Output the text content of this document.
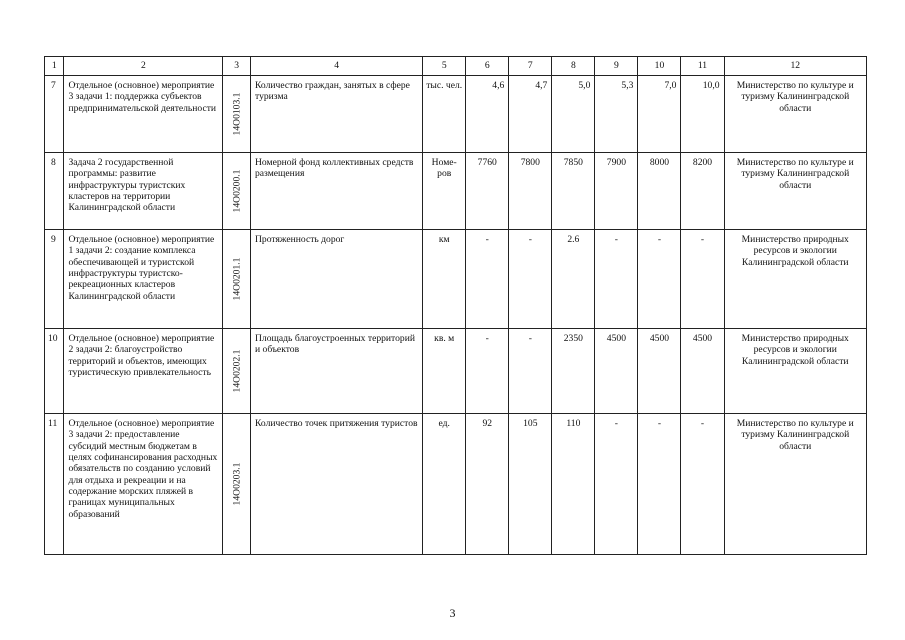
1	2	3	4	5	6	7	8	9	10	11	12
7	Отдельное (основное) мероприятие 3 задачи 1: поддержка субъектов предпринимательской деятельности	14O0103.1	Количество граждан, занятых в сфере туризма	тыс. чел.	4,6	4,7	5,0	5,3	7,0	10,0	Министерство по культуре и туризму Калининградской области
8	Задача 2 государственной программы: развитие инфраструктуры туристских кластеров на территории Калининградской области	14O0200.1	Номерной фонд коллективных средств размещения	Номе-ров	7760	7800	7850	7900	8000	8200	Министерство по культуре и туризму Калининградской области
9	Отдельное (основное) мероприятие 1 задачи 2: создание комплекса обеспечивающей и туристской инфраструктуры туристско-рекреационных кластеров Калининградской области	14O0201.1	Протяженность дорог	км	-	-	2.6	-	-	-	Министерство природных ресурсов и экологии Калининградской области
10	Отдельное (основное) мероприятие 2 задачи 2: благоустройство территорий и объектов, имеющих туристическую привлекательность	14O0202.1	Площадь благоустроенных территорий и объектов	кв. м	-	-	2350	4500	4500	4500	Министерство природных ресурсов и экологии Калининградской области
11	Отдельное (основное) мероприятие 3 задачи 2: предоставление субсидий местным бюджетам в целях софинансирования расходных обязательств по созданию условий для отдыха и рекреации и на содержание морских пляжей в границах муниципальных образований	14O0203.1	Количество точек притяжения туристов	ед.	92	105	110	-	-	-	Министерство по культуре и туризму Калининградской области
3
